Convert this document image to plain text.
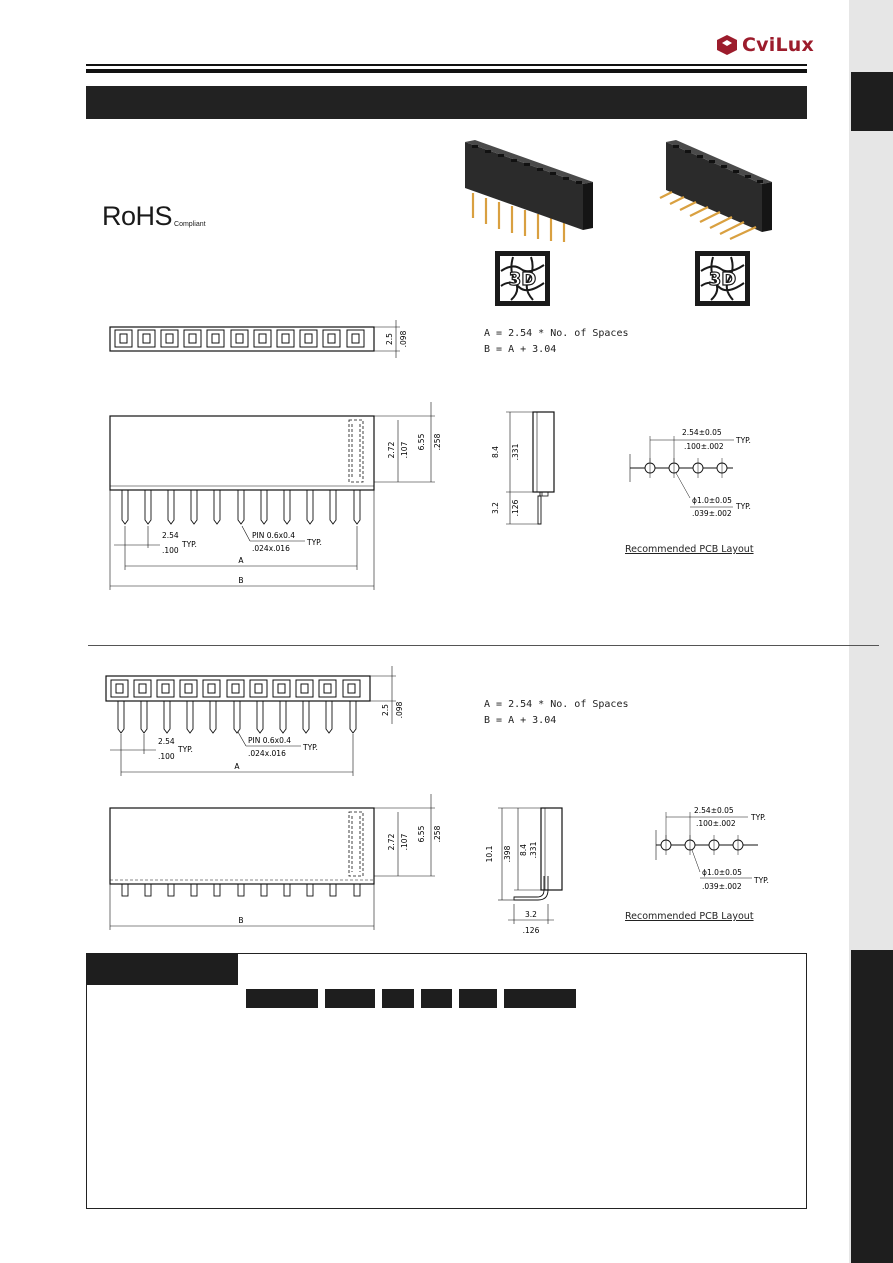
CviLux
RoHS Compliant
3D	3D
2.5 .098	A = 2.54 * No. of Spaces
B = A + 3.04
2.54
.100
TYP.
PIN 0.6x0.4
.024x.016
TYP.
A
B
2.72 .107 6.55 .258
8.4 .331
3.2 .126
2.54±0.05
.100±.002
TYP.
ϕ1.0±0.05
.039±.002
TYP.
Recommended PCB Layout
2.54
.100
TYP.
PIN 0.6x0.4
.024x.016
TYP.
A
2.5 .098	A = 2.54 * No. of Spaces
B = A + 3.04
B
2.72 .107 6.55 .258
10.1 .398 8.4 .331
3.2
.126
2.54±0.05
.100±.002
TYP.
ϕ1.0±0.05
.039±.002
TYP.
Recommended PCB Layout
